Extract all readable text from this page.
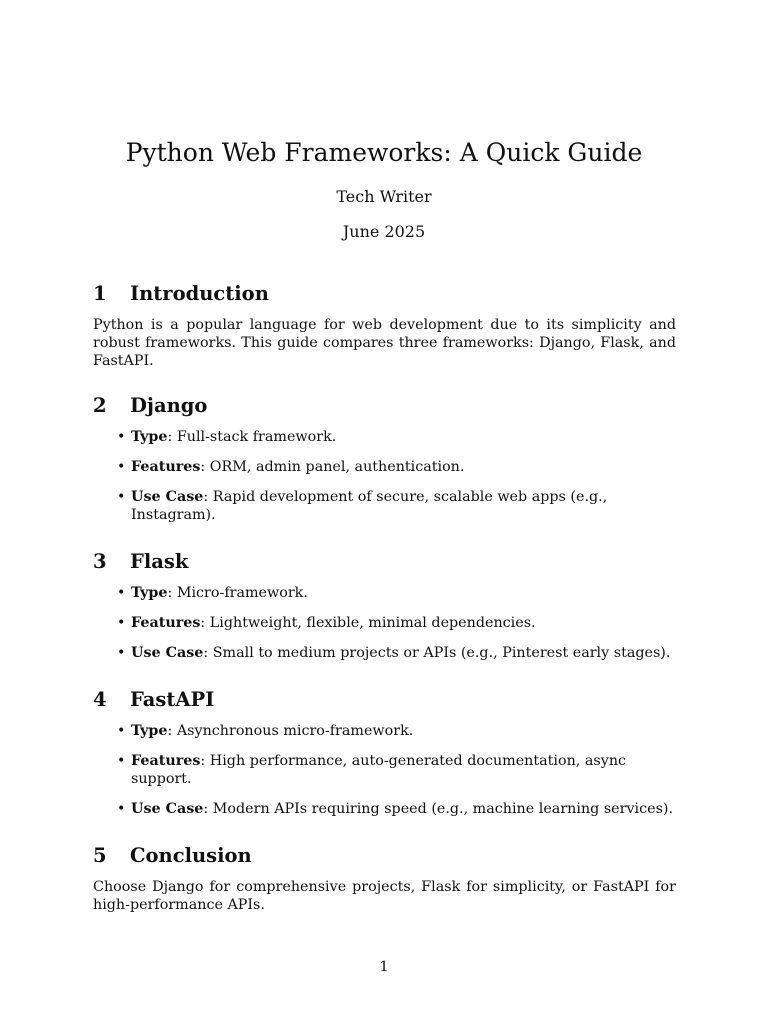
Python Web Frameworks: A Quick Guide
Tech Writer
June 2025
1	Introduction

Python is a popular language for web development due to its simplicity and robust frameworks. This guide compares three frameworks: Django, Flask, and FastAPI.

2	Django
• Type: Full-stack framework.
• Features: ORM, admin panel, authentication.
• Use Case: Rapid development of secure, scalable web apps (e.g., Instagram).
3	Flask
• Type: Micro-framework.
• Features: Lightweight, flexible, minimal dependencies.
• Use Case: Small to medium projects or APIs (e.g., Pinterest early stages).
4	FastAPI
• Type: Asynchronous micro-framework.
• Features: High performance, auto-generated documentation, async support.
• Use Case: Modern APIs requiring speed (e.g., machine learning services).
5	Conclusion

Choose Django for comprehensive projects, Flask for simplicity, or FastAPI for high-performance APIs.

1
